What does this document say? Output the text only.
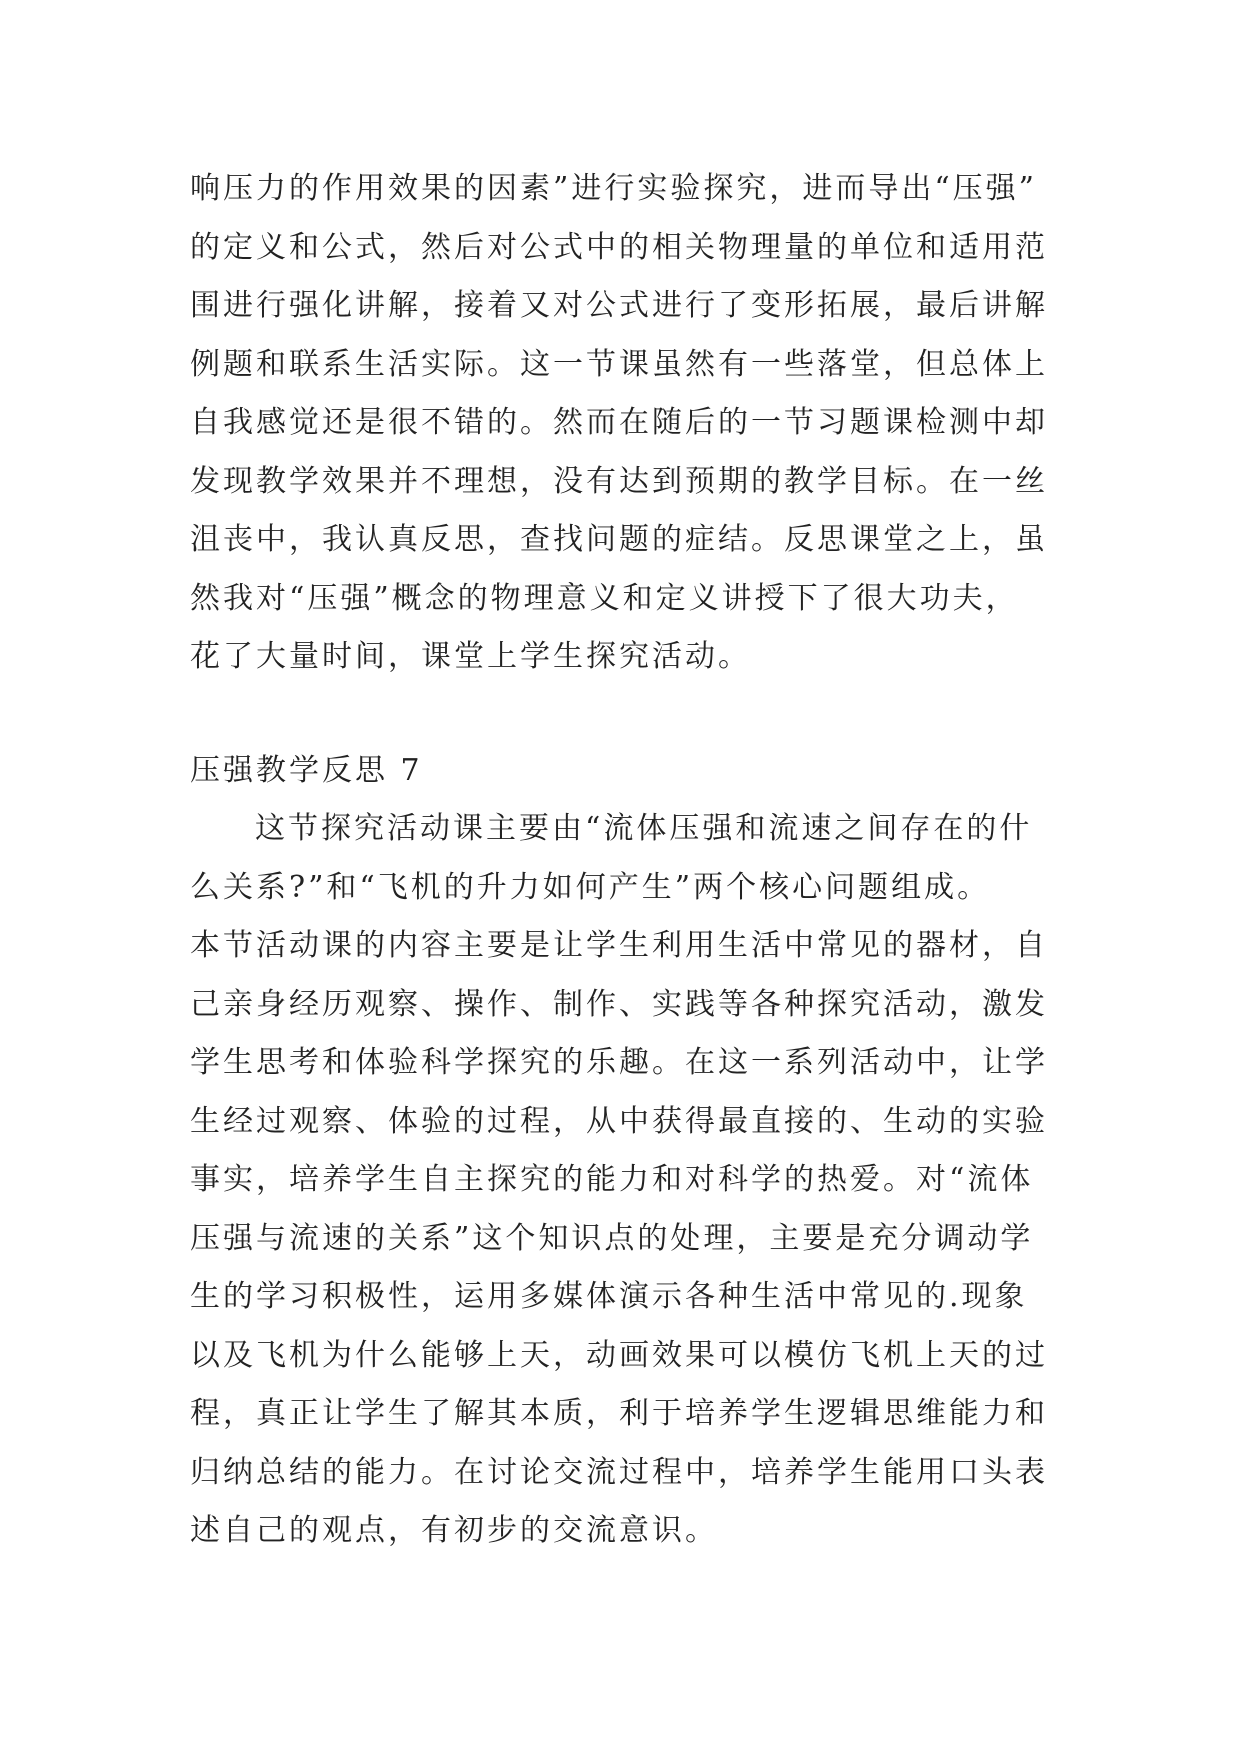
响压力的作用效果的因素”进行实验探究，进而导出“压强”
的定义和公式，然后对公式中的相关物理量的单位和适用范
围进行强化讲解，接着又对公式进行了变形拓展，最后讲解
例题和联系生活实际。这一节课虽然有一些落堂，但总体上
自我感觉还是很不错的。然而在随后的一节习题课检测中却
发现教学效果并不理想，没有达到预期的教学目标。在一丝
沮丧中，我认真反思，查找问题的症结。反思课堂之上，虽
然我对“压强”概念的物理意义和定义讲授下了很大功夫，
花了大量时间，课堂上学生探究活动。
压强教学反思 7
这节探究活动课主要由“流体压强和流速之间存在的什
么关系?”和“飞机的升力如何产生”两个核心问题组成。
本节活动课的内容主要是让学生利用生活中常见的器材，自
己亲身经历观察、操作、制作、实践等各种探究活动，激发
学生思考和体验科学探究的乐趣。在这一系列活动中，让学
生经过观察、体验的过程，从中获得最直接的、生动的实验
事实，培养学生自主探究的能力和对科学的热爱。对“流体
压强与流速的关系”这个知识点的处理，主要是充分调动学
生的学习积极性，运用多媒体演示各种生活中常见的.现象
以及飞机为什么能够上天，动画效果可以模仿飞机上天的过
程，真正让学生了解其本质，利于培养学生逻辑思维能力和
归纳总结的能力。在讨论交流过程中，培养学生能用口头表
述自己的观点，有初步的交流意识。
